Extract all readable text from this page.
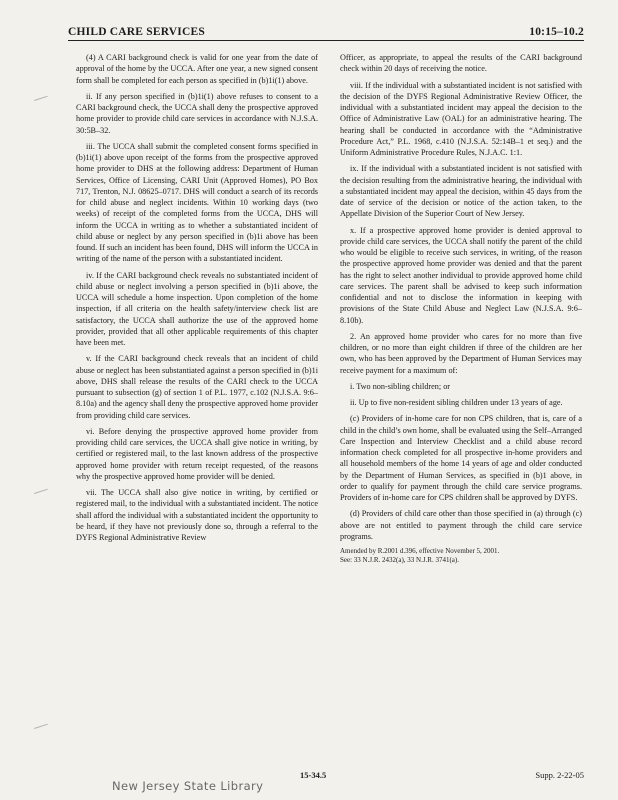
CHILD CARE SERVICES	10:15–10.2

(4) A CARI background check is valid for one year from the date of approval of the home by the UCCA. After one year, a new signed consent form shall be completed for each person as specified in (b)1i(1) above.

ii. If any person specified in (b)1i(1) above refuses to consent to a CARI background check, the UCCA shall deny the prospective approved home provider to provide child care services in accordance with N.J.S.A. 30:5B–32.

iii. The UCCA shall submit the completed consent forms specified in (b)1i(1) above upon receipt of the forms from the prospective approved home provider to DHS at the following address: Department of Human Services, Office of Licensing, CARI Unit (Approved Homes), PO Box 717, Trenton, N.J. 08625–0717. DHS will conduct a search of its records for child abuse and neglect incidents. Within 10 working days (two weeks) of receipt of the completed forms from the UCCA, DHS will inform the UCCA in writing as to whether a substantiated incident of child abuse or neglect by any person specified in (b)1i above has been found. If such an incident has been found, DHS will inform the UCCA in writing of the name of the person with a substantiated incident.

iv. If the CARI background check reveals no substantiated incident of child abuse or neglect involving a person specified in (b)1i above, the UCCA will schedule a home inspection. Upon completion of the home inspection, if all criteria on the health safety/interview check list are satisfactory, the UCCA shall authorize the use of the approved home provider, provided that all other applicable requirements of this chapter have been met.

v. If the CARI background check reveals that an incident of child abuse or neglect has been substantiated against a person specified in (b)1i above, DHS shall release the results of the CARI check to the UCCA pursuant to subsection (g) of section 1 of P.L. 1977, c.102 (N.J.S.A. 9:6–8.10a) and the agency shall deny the prospective approved home provider from providing child care services.

vi. Before denying the prospective approved home provider from providing child care services, the UCCA shall give notice in writing, by certified or registered mail, to the last known address of the prospective approved home provider with return receipt requested, of the reasons why the prospective approved home provider will be denied.

vii. The UCCA shall also give notice in writing, by certified or registered mail, to the individual with a substantiated incident. The notice shall afford the individual with a substantiated incident the opportunity to be heard, if they have not previously done so, through a referral to the DYFS Regional Administrative Review

Officer, as appropriate, to appeal the results of the CARI background check within 20 days of receiving the notice.

viii. If the individual with a substantiated incident is not satisfied with the decision of the DYFS Regional Administrative Review Officer, the individual with a substantiated incident may appeal the decision to the Office of Administrative Law (OAL) for an administrative hearing. The hearing shall be conducted in accordance with the “Administrative Procedure Act,” P.L. 1968, c.410 (N.J.S.A. 52:14B–1 et seq.) and the Uniform Administrative Procedure Rules, N.J.A.C. 1:1.

ix. If the individual with a substantiated incident is not satisfied with the decision resulting from the administrative hearing, the individual with a substantiated incident may appeal the decision, within 45 days from the date of service of the decision or notice of the action taken, to the Appellate Division of the Superior Court of New Jersey.

x. If a prospective approved home provider is denied approval to provide child care services, the UCCA shall notify the parent of the child who would be eligible to receive such services, in writing, of the reason the prospective approved home provider was denied and that the parent has the right to select another individual to provide approved home child care services. The parent shall be advised to keep such information confidential and not to disclose the information in keeping with provisions of the State Child Abuse and Neglect Law (N.J.S.A. 9:6–8.10b).

2. An approved home provider who cares for no more than five children, or no more than eight children if three of the children are her own, who has been approved by the Department of Human Services may receive payment for a maximum of:

i. Two non-sibling children; or

ii. Up to five non-resident sibling children under 13 years of age.

(c) Providers of in-home care for non CPS children, that is, care of a child in the child’s own home, shall be evaluated using the Self–Arranged Care Inspection and Interview Checklist and a child abuse record information check completed for all prospective in-home providers and all household members of the home 14 years of age and older conducted by the Department of Human Services, as specified in (b)1 above, in order to qualify for payment through the child care service programs. Providers of in-home care for CPS children shall be approved by DYFS.

(d) Providers of child care other than those specified in (a) through (c) above are not entitled to payment through the child care service programs.

Amended by R.2001 d.396, effective November 5, 2001.
See: 33 N.J.R. 2432(a), 33 N.J.R. 3741(a).
15-34.5	Supp. 2-22-05
New Jersey State Library
